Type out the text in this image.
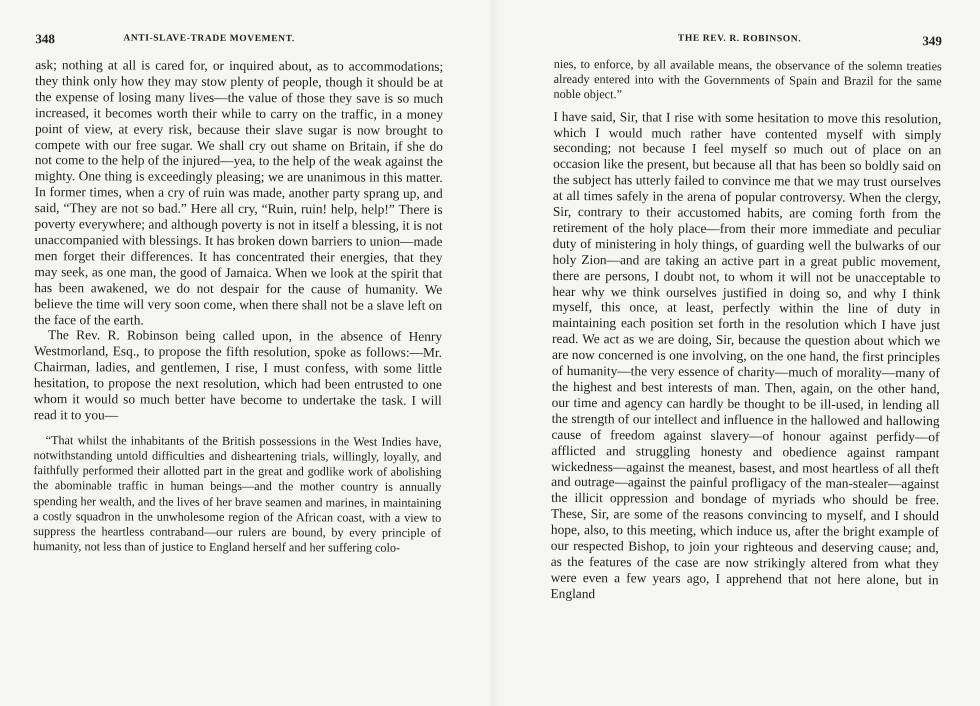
348	ANTI-SLAVE-TRADE MOVEMENT.

ask; nothing at all is cared for, or inquired about, as to accommodations; they think only how they may stow plenty of people, though it should be at the expense of losing many lives—the value of those they save is so much increased, it becomes worth their while to carry on the traffic, in a money point of view, at every risk, because their slave sugar is now brought to compete with our free sugar. We shall cry out shame on Britain, if she do not come to the help of the injured—yea, to the help of the weak against the mighty. One thing is exceedingly pleasing; we are unanimous in this matter. In former times, when a cry of ruin was made, another party sprang up, and said, “They are not so bad.” Here all cry, “Ruin, ruin! help, help!” There is poverty everywhere; and although poverty is not in itself a blessing, it is not unaccompanied with blessings. It has broken down barriers to union—made men forget their differences. It has concentrated their energies, that they may seek, as one man, the good of Jamaica. When we look at the spirit that has been awakened, we do not despair for the cause of humanity. We believe the time will very soon come, when there shall not be a slave left on the face of the earth.

The Rev. R. Robinson being called upon, in the absence of Henry Westmorland, Esq., to propose the fifth resolution, spoke as follows:—Mr. Chairman, ladies, and gentlemen, I rise, I must confess, with some little hesitation, to propose the next resolution, which had been entrusted to one whom it would so much better have become to undertake the task. I will read it to you—

“That whilst the inhabitants of the British possessions in the West Indies have, notwithstanding untold difficulties and disheartening trials, willingly, loyally, and faithfully performed their allotted part in the great and godlike work of abolishing the abominable traffic in human beings—and the mother country is annually spending her wealth, and the lives of her brave seamen and marines, in maintaining a costly squadron in the unwholesome region of the African coast, with a view to suppress the heartless contraband—our rulers are bound, by every principle of humanity, not less than of justice to England herself and her suffering colo-

THE REV. R. ROBINSON.	349

nies, to enforce, by all available means, the observance of the solemn treaties already entered into with the Governments of Spain and Brazil for the same noble object.”

I have said, Sir, that I rise with some hesitation to move this resolution, which I would much rather have contented myself with simply seconding; not because I feel myself so much out of place on an occasion like the present, but because all that has been so boldly said on the subject has utterly failed to convince me that we may trust ourselves at all times safely in the arena of popular controversy. When the clergy, Sir, contrary to their accustomed habits, are coming forth from the retirement of the holy place—from their more immediate and peculiar duty of ministering in holy things, of guarding well the bulwarks of our holy Zion—and are taking an active part in a great public movement, there are persons, I doubt not, to whom it will not be unacceptable to hear why we think ourselves justified in doing so, and why I think myself, this once, at least, perfectly within the line of duty in maintaining each position set forth in the resolution which I have just read. We act as we are doing, Sir, because the question about which we are now concerned is one involving, on the one hand, the first principles of humanity—the very essence of charity—much of morality—many of the highest and best interests of man. Then, again, on the other hand, our time and agency can hardly be thought to be ill-used, in lending all the strength of our intellect and influence in the hallowed and hallowing cause of freedom against slavery—of honour against perfidy—of afflicted and struggling honesty and obedience against rampant wickedness—against the meanest, basest, and most heartless of all theft and outrage—against the painful profligacy of the man-stealer—against the illicit oppression and bondage of myriads who should be free. These, Sir, are some of the reasons convincing to myself, and I should hope, also, to this meeting, which induce us, after the bright example of our respected Bishop, to join your righteous and deserving cause; and, as the features of the case are now strikingly altered from what they were even a few years ago, I apprehend that not here alone, but in England
